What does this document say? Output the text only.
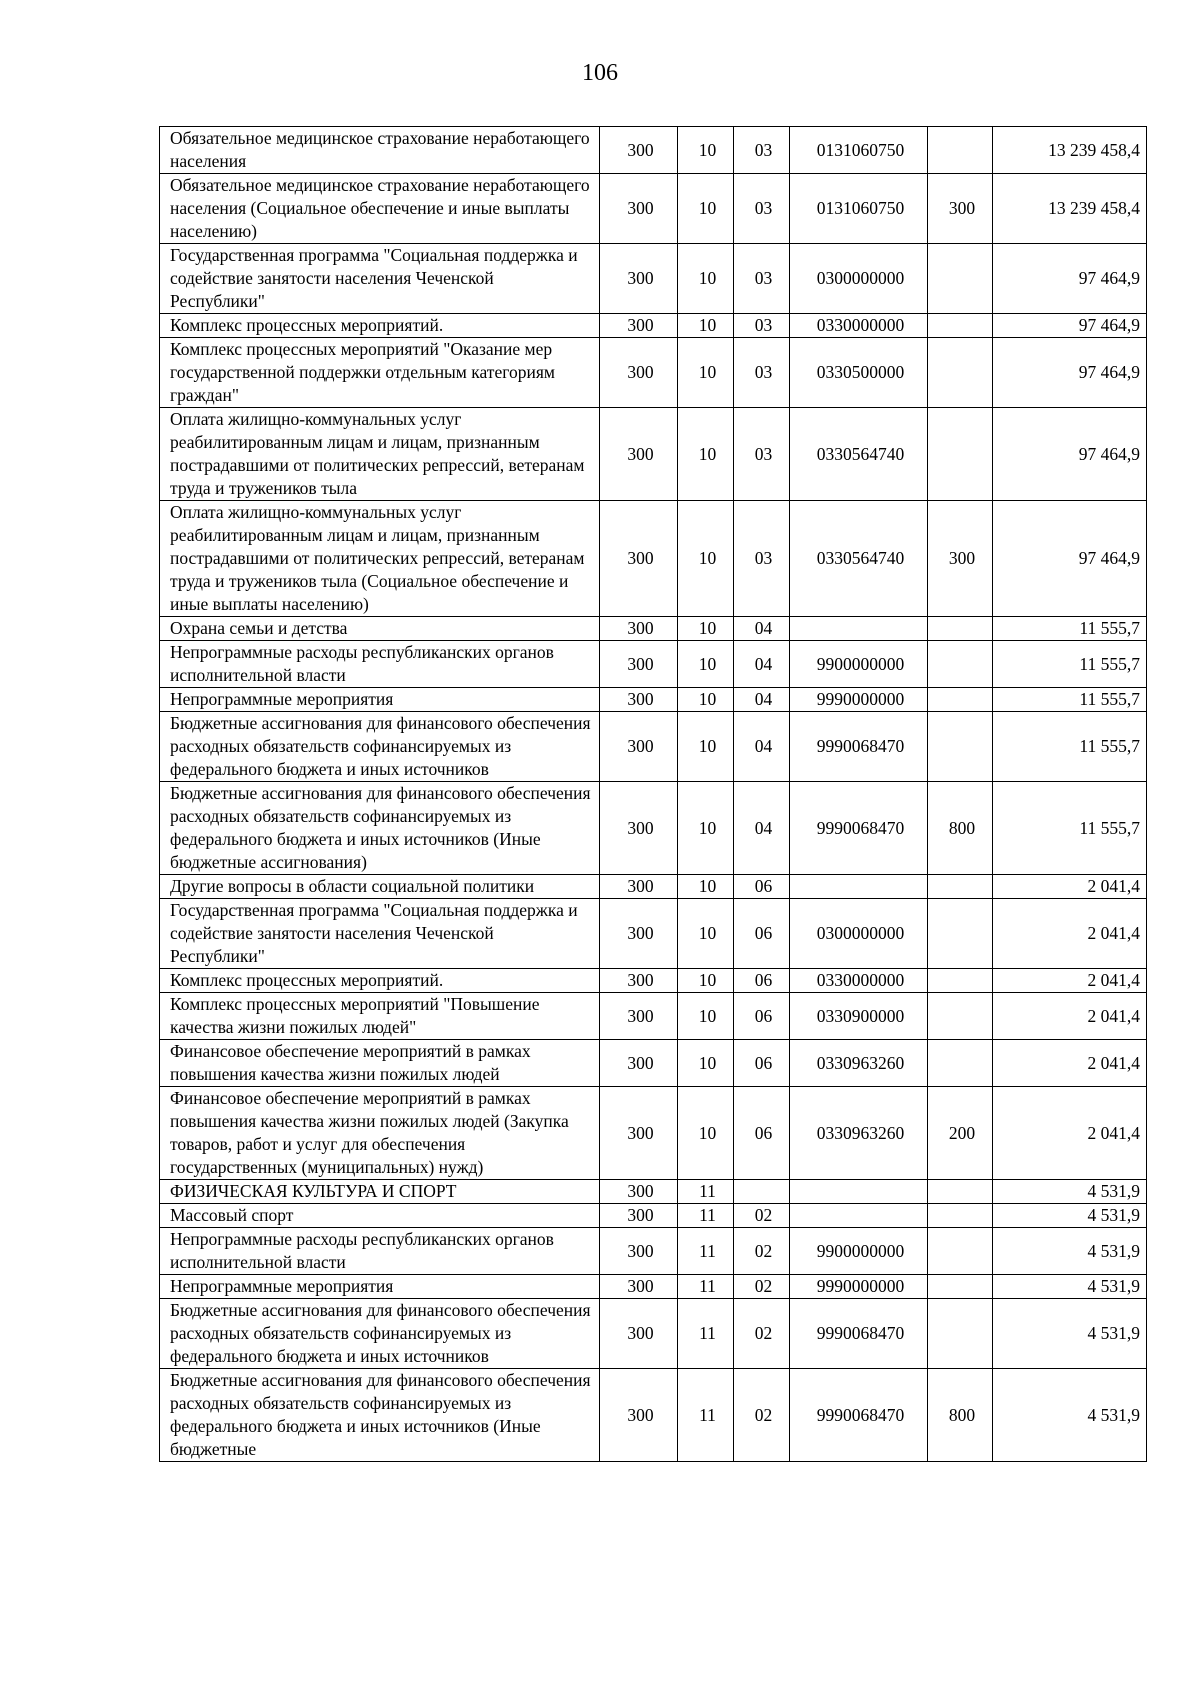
106
Обязательное медицинское страхование неработающего населения	300	10	03	0131060750		13 239 458,4
Обязательное медицинское страхование неработающего населения (Социальное обеспечение и иные выплаты населению)	300	10	03	0131060750	300	13 239 458,4
Государственная программа "Социальная поддержка и содействие занятости населения Чеченской Республики"	300	10	03	0300000000		97 464,9
Комплекс процессных мероприятий.	300	10	03	0330000000		97 464,9
Комплекс процессных мероприятий "Оказание мер государственной поддержки отдельным категориям граждан"	300	10	03	0330500000		97 464,9
Оплата жилищно-коммунальных услуг реабилитированным лицам и лицам, признанным пострадавшими от политических репрессий, ветеранам труда и тружеников тыла	300	10	03	0330564740		97 464,9
Оплата жилищно-коммунальных услуг реабилитированным лицам и лицам, признанным пострадавшими от политических репрессий, ветеранам труда и тружеников тыла (Социальное обеспечение и иные выплаты населению)	300	10	03	0330564740	300	97 464,9
Охрана семьи и детства	300	10	04			11 555,7
Непрограммные расходы республиканских органов исполнительной власти	300	10	04	9900000000		11 555,7
Непрограммные мероприятия	300	10	04	9990000000		11 555,7
Бюджетные ассигнования для финансового обеспечения расходных обязательств софинансируемых из федерального бюджета и иных источников	300	10	04	9990068470		11 555,7
Бюджетные ассигнования для финансового обеспечения расходных обязательств софинансируемых из федерального бюджета и иных источников (Иные бюджетные ассигнования)	300	10	04	9990068470	800	11 555,7
Другие вопросы в области социальной политики	300	10	06			2 041,4
Государственная программа "Социальная поддержка и содействие занятости населения Чеченской Республики"	300	10	06	0300000000		2 041,4
Комплекс процессных мероприятий.	300	10	06	0330000000		2 041,4
Комплекс процессных мероприятий "Повышение качества жизни пожилых людей"	300	10	06	0330900000		2 041,4
Финансовое обеспечение мероприятий в рамках повышения качества жизни пожилых людей	300	10	06	0330963260		2 041,4
Финансовое обеспечение мероприятий в рамках повышения качества жизни пожилых людей (Закупка товаров, работ и услуг для обеспечения государственных (муниципальных) нужд)	300	10	06	0330963260	200	2 041,4
ФИЗИЧЕСКАЯ КУЛЬТУРА И СПОРТ	300	11				4 531,9
Массовый спорт	300	11	02			4 531,9
Непрограммные расходы республиканских органов исполнительной власти	300	11	02	9900000000		4 531,9
Непрограммные мероприятия	300	11	02	9990000000		4 531,9
Бюджетные ассигнования для финансового обеспечения расходных обязательств софинансируемых из федерального бюджета и иных источников	300	11	02	9990068470		4 531,9
Бюджетные ассигнования для финансового обеспечения расходных обязательств софинансируемых из федерального бюджета и иных источников (Иные бюджетные	300	11	02	9990068470	800	4 531,9
